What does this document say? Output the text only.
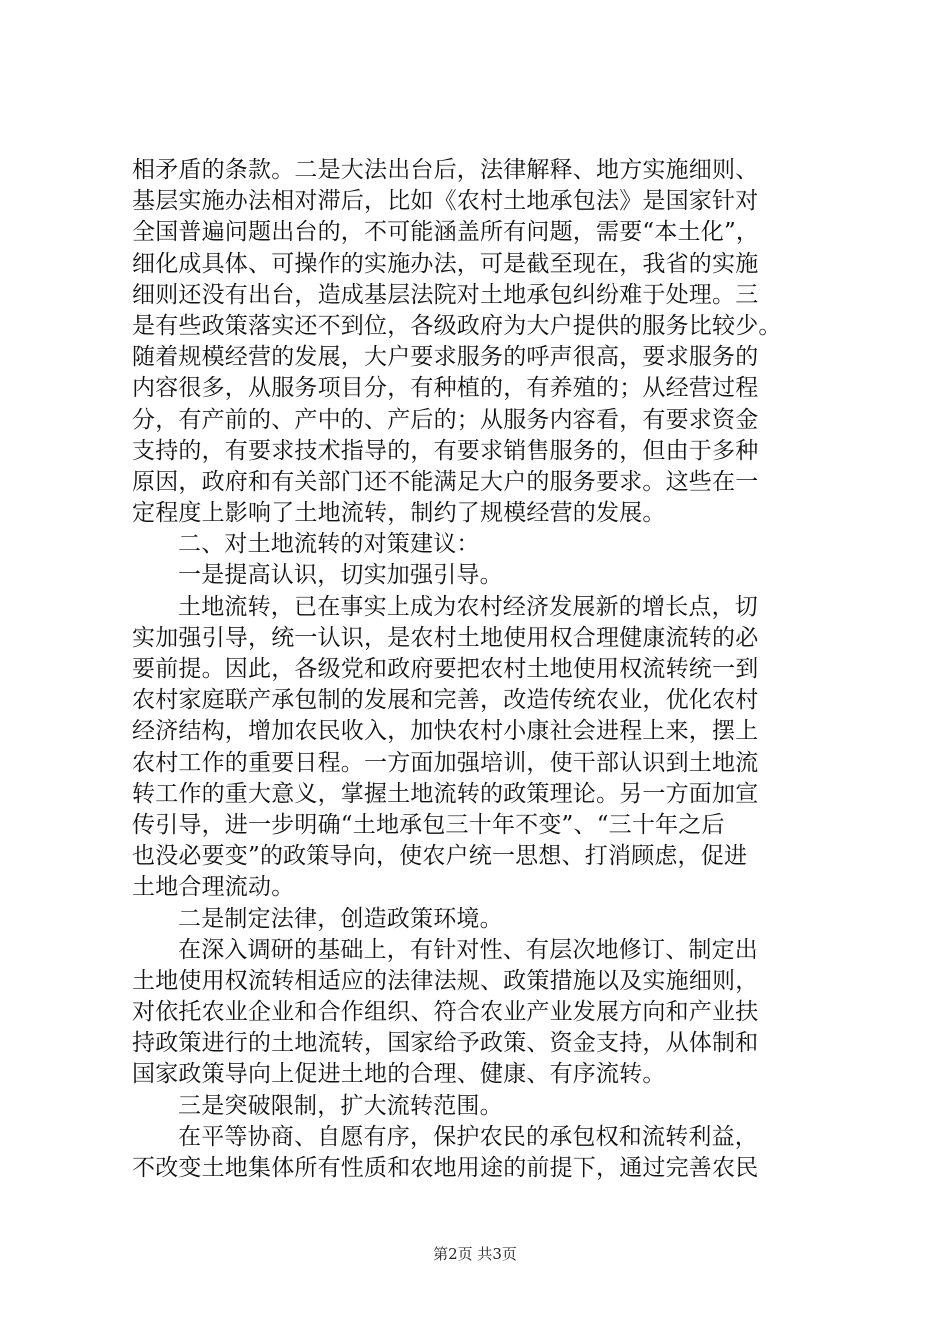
相矛盾的条款。二是大法出台后，法律解释、地方实施细则、
基层实施办法相对滞后，比如《农村土地承包法》是国家针对
全国普遍问题出台的，不可能涵盖所有问题，需要“本土化”，
细化成具体、可操作的实施办法，可是截至现在，我省的实施
细则还没有出台，造成基层法院对土地承包纠纷难于处理。三
是有些政策落实还不到位，各级政府为大户提供的服务比较少。
随着规模经营的发展，大户要求服务的呼声很高，要求服务的
内容很多，从服务项目分，有种植的，有养殖的；从经营过程
分，有产前的、产中的、产后的；从服务内容看，有要求资金
支持的，有要求技术指导的，有要求销售服务的，但由于多种
原因，政府和有关部门还不能满足大户的服务要求。这些在一
定程度上影响了土地流转，制约了规模经营的发展。
二、对土地流转的对策建议：
一是提高认识，切实加强引导。
土地流转，已在事实上成为农村经济发展新的增长点，切
实加强引导，统一认识，是农村土地使用权合理健康流转的必
要前提。因此，各级党和政府要把农村土地使用权流转统一到
农村家庭联产承包制的发展和完善，改造传统农业，优化农村
经济结构，增加农民收入，加快农村小康社会进程上来，摆上
农村工作的重要日程。一方面加强培训，使干部认识到土地流
转工作的重大意义，掌握土地流转的政策理论。另一方面加宣
传引导，进一步明确“土地承包三十年不变”、“三十年之后
也没必要变”的政策导向，使农户统一思想、打消顾虑，促进
土地合理流动。
二是制定法律，创造政策环境。
在深入调研的基础上，有针对性、有层次地修订、制定出
土地使用权流转相适应的法律法规、政策措施以及实施细则，
对依托农业企业和合作组织、符合农业产业发展方向和产业扶
持政策进行的土地流转，国家给予政策、资金支持，从体制和
国家政策导向上促进土地的合理、健康、有序流转。
三是突破限制，扩大流转范围。
在平等协商、自愿有序，保护农民的承包权和流转利益，
不改变土地集体所有性质和农地用途的前提下，通过完善农民
第2页 共3页
